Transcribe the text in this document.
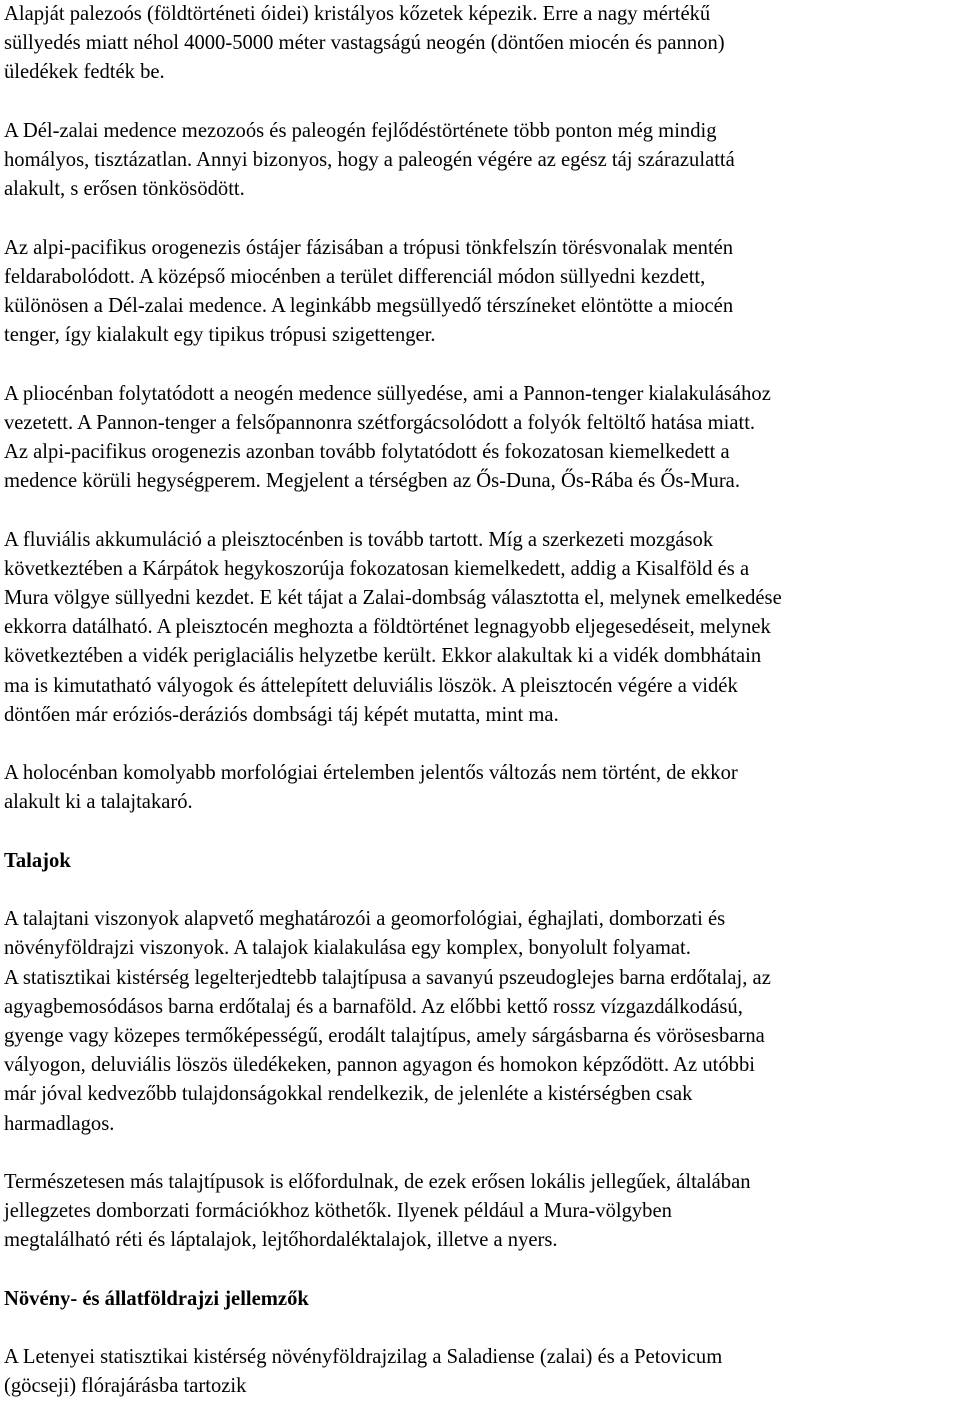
Alapját palezoós (földtörténeti óidei) kristályos kőzetek képezik. Erre a nagy mértékű
süllyedés miatt néhol 4000-5000 méter vastagságú neogén (döntően miocén és pannon)
üledékek fedték be.

A Dél-zalai medence mezozoós és paleogén fejlődéstörténete több ponton még mindig
homályos, tisztázatlan. Annyi bizonyos, hogy a paleogén végére az egész táj szárazulattá
alakult, s erősen tönkösödött.

Az alpi-pacifikus orogenezis óstájer fázisában a trópusi tönkfelszín törésvonalak mentén
feldarabolódott. A középső miocénben a terület differenciál módon süllyedni kezdett,
különösen a Dél-zalai medence. A leginkább megsüllyedő térszíneket elöntötte a miocén
tenger, így kialakult egy tipikus trópusi szigettenger.

A pliocénban folytatódott a neogén medence süllyedése, ami a Pannon-tenger kialakulásához
vezetett. A Pannon-tenger a felsőpannonra szétforgácsolódott a folyók feltöltő hatása miatt.
Az alpi-pacifikus orogenezis azonban tovább folytatódott és fokozatosan kiemelkedett a
medence körüli hegységperem. Megjelent a térségben az Ős-Duna, Ős-Rába és Ős-Mura.

A fluviális akkumuláció a pleisztocénben is tovább tartott. Míg a szerkezeti mozgások
következtében a Kárpátok hegykoszorúja fokozatosan kiemelkedett, addig a Kisalföld és a
Mura völgye süllyedni kezdet. E két tájat a Zalai-dombság választotta el, melynek emelkedése
ekkorra datálható. A pleisztocén meghozta a földtörténet legnagyobb eljegesedéseit, melynek
következtében a vidék periglaciális helyzetbe került. Ekkor alakultak ki a vidék dombhátain
ma is kimutatható vályogok és áttelepített deluviális löszök. A pleisztocén végére a vidék
döntően már eróziós-deráziós dombsági táj képét mutatta, mint ma.

A holocénban komolyabb morfológiai értelemben jelentős változás nem történt, de ekkor
alakult ki a talajtakaró.

Talajok

A talajtani viszonyok alapvető meghatározói a geomorfológiai, éghajlati, domborzati és
növényföldrajzi viszonyok. A talajok kialakulása egy komplex, bonyolult folyamat.
A statisztikai kistérség legelterjedtebb talajtípusa a savanyú pszeudoglejes barna erdőtalaj, az
agyagbemosódásos barna erdőtalaj és a barnaföld. Az előbbi kettő rossz vízgazdálkodású,
gyenge vagy közepes termőképességű, erodált talajtípus, amely sárgásbarna és vörösesbarna
vályogon, deluviális löszös üledékeken, pannon agyagon és homokon képződött. Az utóbbi
már jóval kedvezőbb tulajdonságokkal rendelkezik, de jelenléte a kistérségben csak
harmadlagos.

Természetesen más talajtípusok is előfordulnak, de ezek erősen lokális jellegűek, általában
jellegzetes domborzati formációkhoz köthetők. Ilyenek például a Mura-völgyben
megtalálható réti és láptalajok, lejtőhordaléktalajok, illetve a nyers.

Növény- és állatföldrajzi jellemzők

A Letenyei statisztikai kistérség növényföldrajzilag a Saladiense (zalai) és a Petovicum
(göcseji) flórajárásba tartozik
